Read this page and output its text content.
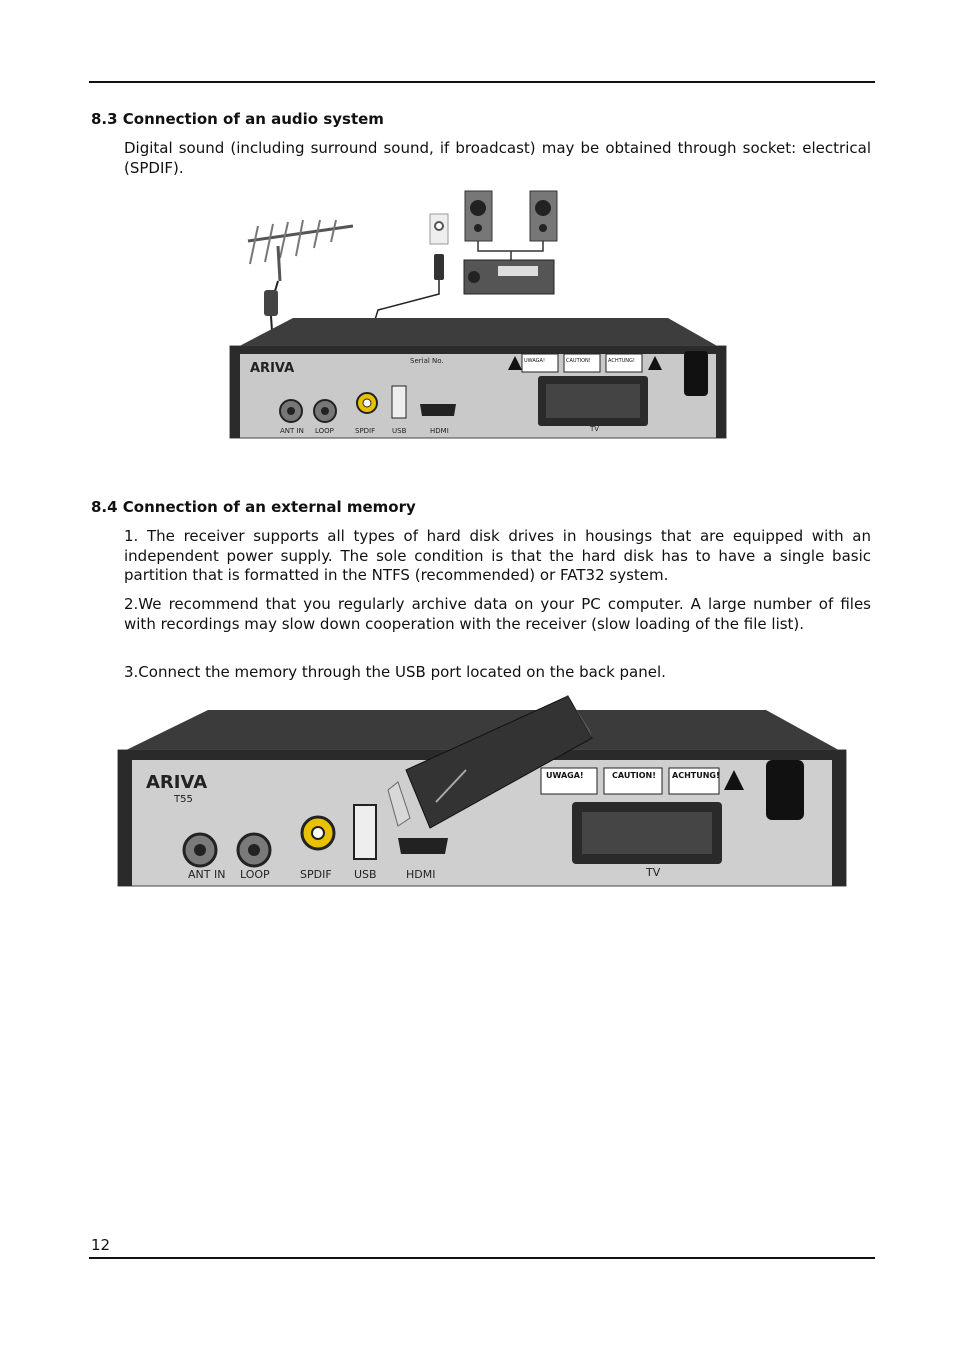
8.3 Connection of an audio system

Digital sound (including surround sound, if broadcast) may be obtained through socket: electrical (SPDIF).

ARIVA	Serial No.	UWAGA!	CAUTION!	ACHTUNG!
ANT IN LOOP	SPDIF USB	HDMI	TV
8.4 Connection of an external memory

1. The receiver supports all types of hard disk drives in housings that are equipped with an independent power supply. The sole condition is that the hard disk has to have a single basic partition that is formatted in the NTFS (recommended) or FAT32 system.

2.We recommend that you regularly archive data on your PC computer. A large number of files with recordings may slow down cooperation with the receiver (slow loading of the file list).

3.Connect the memory through the USB port located on the back panel.

ARIVA
T55
UWAGA!	CAUTION! ACHTUNG!
ANT IN LOOP	SPDIF USB	HDMI	TV
12
